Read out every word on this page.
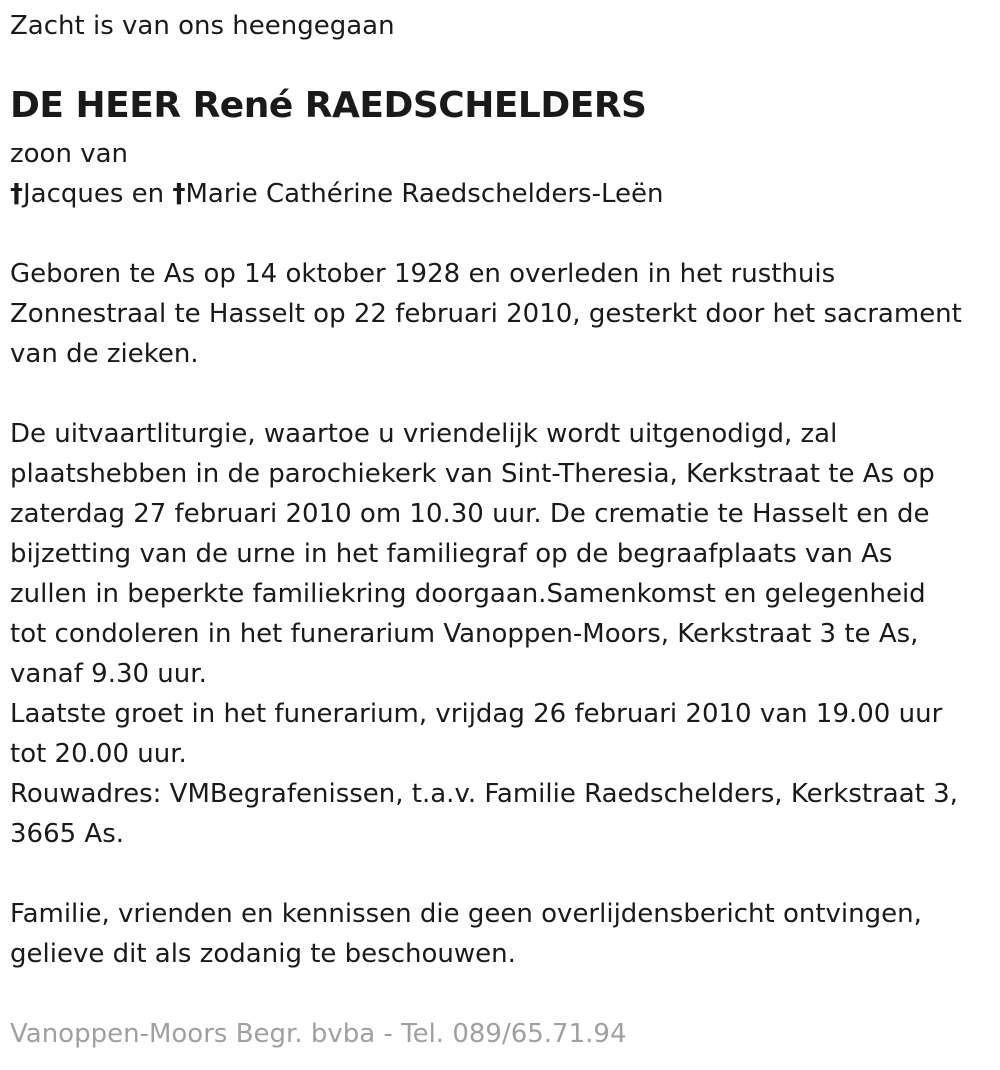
Zacht is van ons heengegaan

DE HEER René RAEDSCHELDERS

zoon van

†Jacques en †Marie Cathérine Raedschelders-Leën

Geboren te As op 14 oktober 1928 en overleden in het rusthuis

Zonnestraal te Hasselt op 22 februari 2010, gesterkt door het sacrament

van de zieken.

De uitvaartliturgie, waartoe u vriendelijk wordt uitgenodigd, zal

plaatshebben in de parochiekerk van Sint-Theresia, Kerkstraat te As op

zaterdag 27 februari 2010 om 10.30 uur. De crematie te Hasselt en de

bijzetting van de urne in het familiegraf op de begraafplaats van As

zullen in beperkte familiekring doorgaan.Samenkomst en gelegenheid

tot condoleren in het funerarium Vanoppen-Moors, Kerkstraat 3 te As,

vanaf 9.30 uur.

Laatste groet in het funerarium, vrijdag 26 februari 2010 van 19.00 uur

tot 20.00 uur.

Rouwadres: VMBegrafenissen, t.a.v. Familie Raedschelders, Kerkstraat 3,

3665 As.

Familie, vrienden en kennissen die geen overlijdensbericht ontvingen,

gelieve dit als zodanig te beschouwen.

Vanoppen-Moors Begr. bvba - Tel. 089/65.71.94
